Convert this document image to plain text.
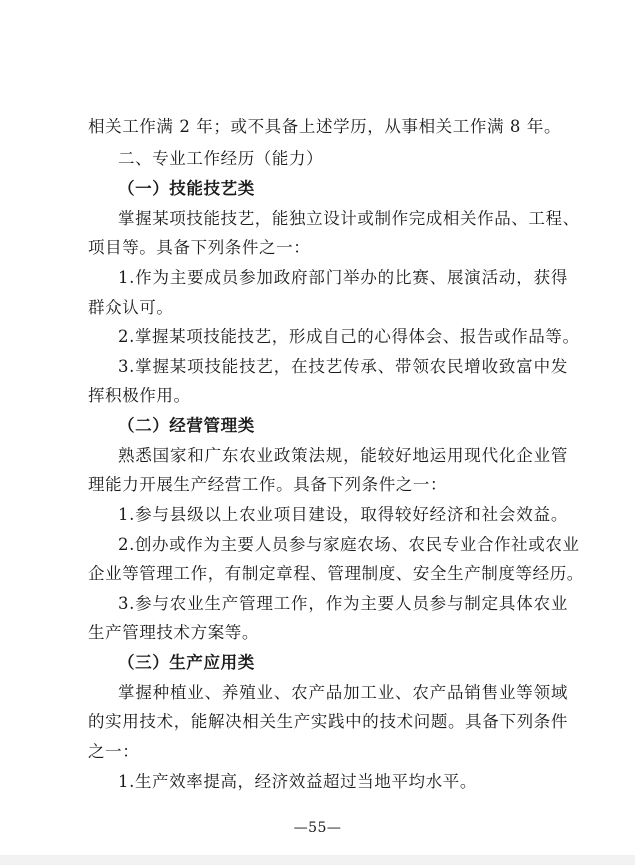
相关工作满 2 年；或不具备上述学历，从事相关工作满 8 年。
二、专业工作经历（能力）
（一）技能技艺类
掌握某项技能技艺，能独立设计或制作完成相关作品、工程、
项目等。具备下列条件之一：
1.作为主要成员参加政府部门举办的比赛、展演活动，获得
群众认可。
2.掌握某项技能技艺，形成自己的心得体会、报告或作品等。
3.掌握某项技能技艺，在技艺传承、带领农民增收致富中发
挥积极作用。
（二）经营管理类
熟悉国家和广东农业政策法规，能较好地运用现代化企业管
理能力开展生产经营工作。具备下列条件之一：
1.参与县级以上农业项目建设，取得较好经济和社会效益。
2.创办或作为主要人员参与家庭农场、农民专业合作社或农业
企业等管理工作，有制定章程、管理制度、安全生产制度等经历。
3.参与农业生产管理工作，作为主要人员参与制定具体农业
生产管理技术方案等。
（三）生产应用类
掌握种植业、养殖业、农产品加工业、农产品销售业等领域
的实用技术，能解决相关生产实践中的技术问题。具备下列条件
之一：
1.生产效率提高，经济效益超过当地平均水平。
—55—
